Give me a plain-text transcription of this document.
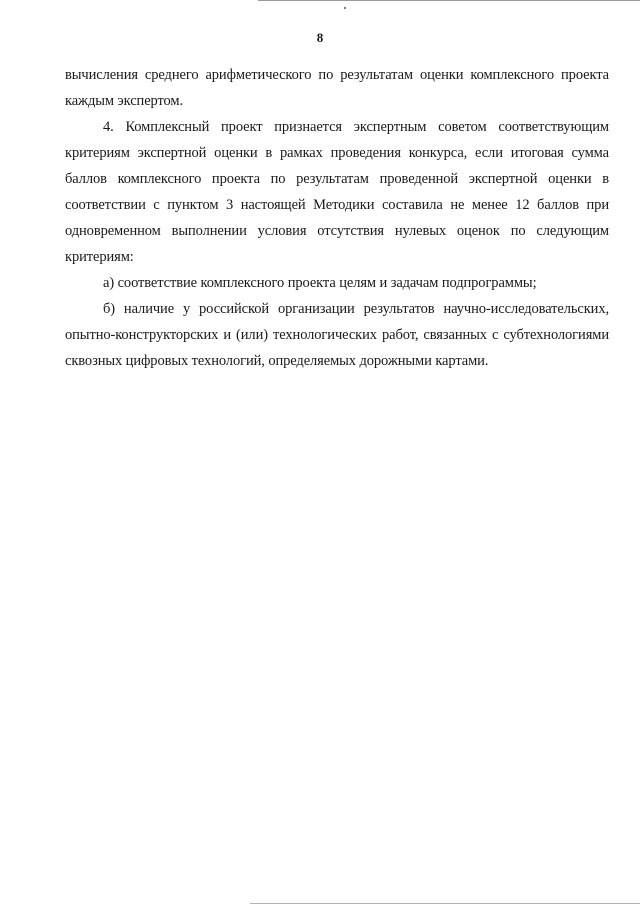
8

вычисления среднего арифметического по результатам оценки комплексного проекта каждым экспертом.

4. Комплексный проект признается экспертным советом соответствующим критериям экспертной оценки в рамках проведения конкурса, если итоговая сумма баллов комплексного проекта по результатам проведенной экспертной оценки в соответствии с пунктом 3 настоящей Методики составила не менее 12 баллов при одновременном выполнении условия отсутствия нулевых оценок по следующим критериям:

а) соответствие комплексного проекта целям и задачам подпрограммы;

б) наличие у российской организации результатов научно-исследовательских, опытно-конструкторских и (или) технологических работ, связанных с субтехнологиями сквозных цифровых технологий, определяемых дорожными картами.
